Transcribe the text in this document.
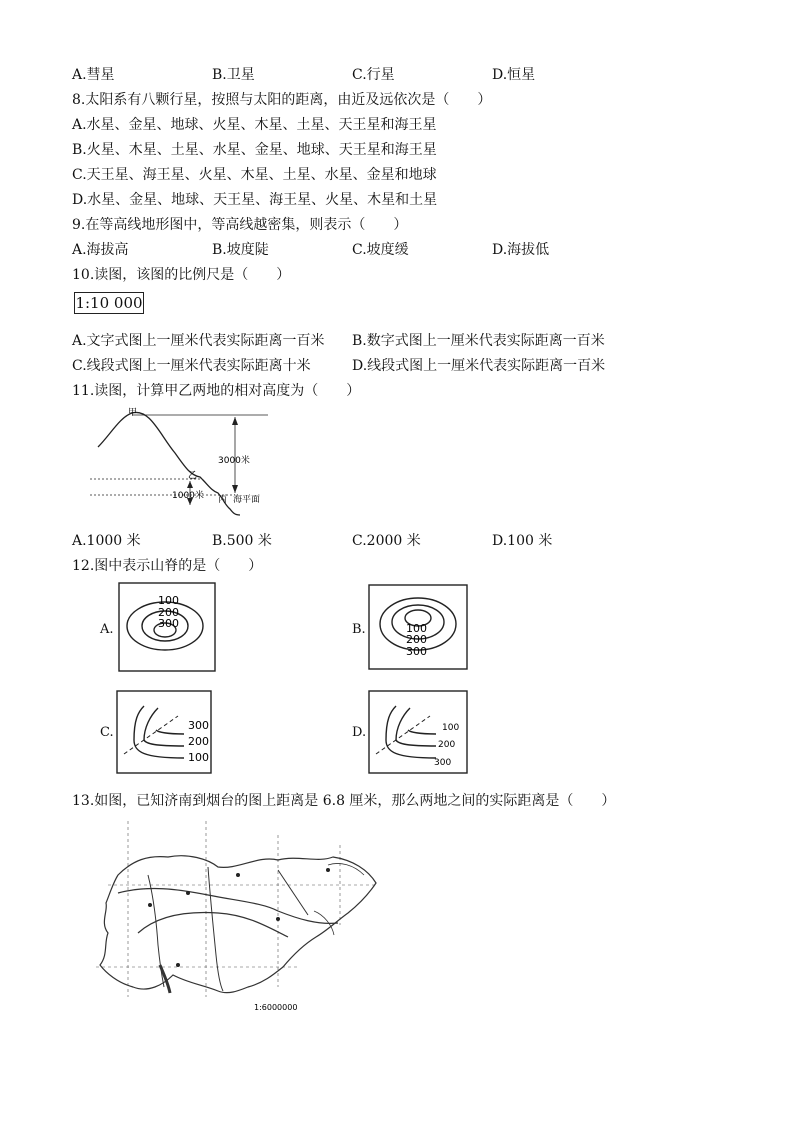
A.彗星	B.卫星	C.行星	D.恒星
8.太阳系有八颗行星，按照与太阳的距离，由近及远依次是（　　）
A.水星、金星、地球、火星、木星、土星、天王星和海王星
B.火星、木星、土星、水星、金星、地球、天王星和海王星
C.天王星、海王星、火星、木星、土星、水星、金星和地球
D.水星、金星、地球、天王星、海王星、火星、木星和土星
9.在等高线地形图中，等高线越密集，则表示（　　）
A.海拔高	B.坡度陡	C.坡度缓	D.海拔低
10.读图，该图的比例尺是（　　）
1:10 000
A.文字式图上一厘米代表实际距离一百米 B.数字式图上一厘米代表实际距离一百米
C.线段式图上一厘米代表实际距离十米	D.线段式图上一厘米代表实际距离一百米
11.读图，计算甲乙两地的相对高度为（　　）
甲
乙
丙
3000米
1000米	海平面
A.1000 米	B.500 米	C.2000 米	D.100 米
12.图中表示山脊的是（　　）
A.
100
200
300	B.	100
200
300
C.	300
200
100
D.	100
200
300
13.如图，已知济南到烟台的图上距离是 6.8 厘米，那么两地之间的实际距离是（　　）
1:6000000
